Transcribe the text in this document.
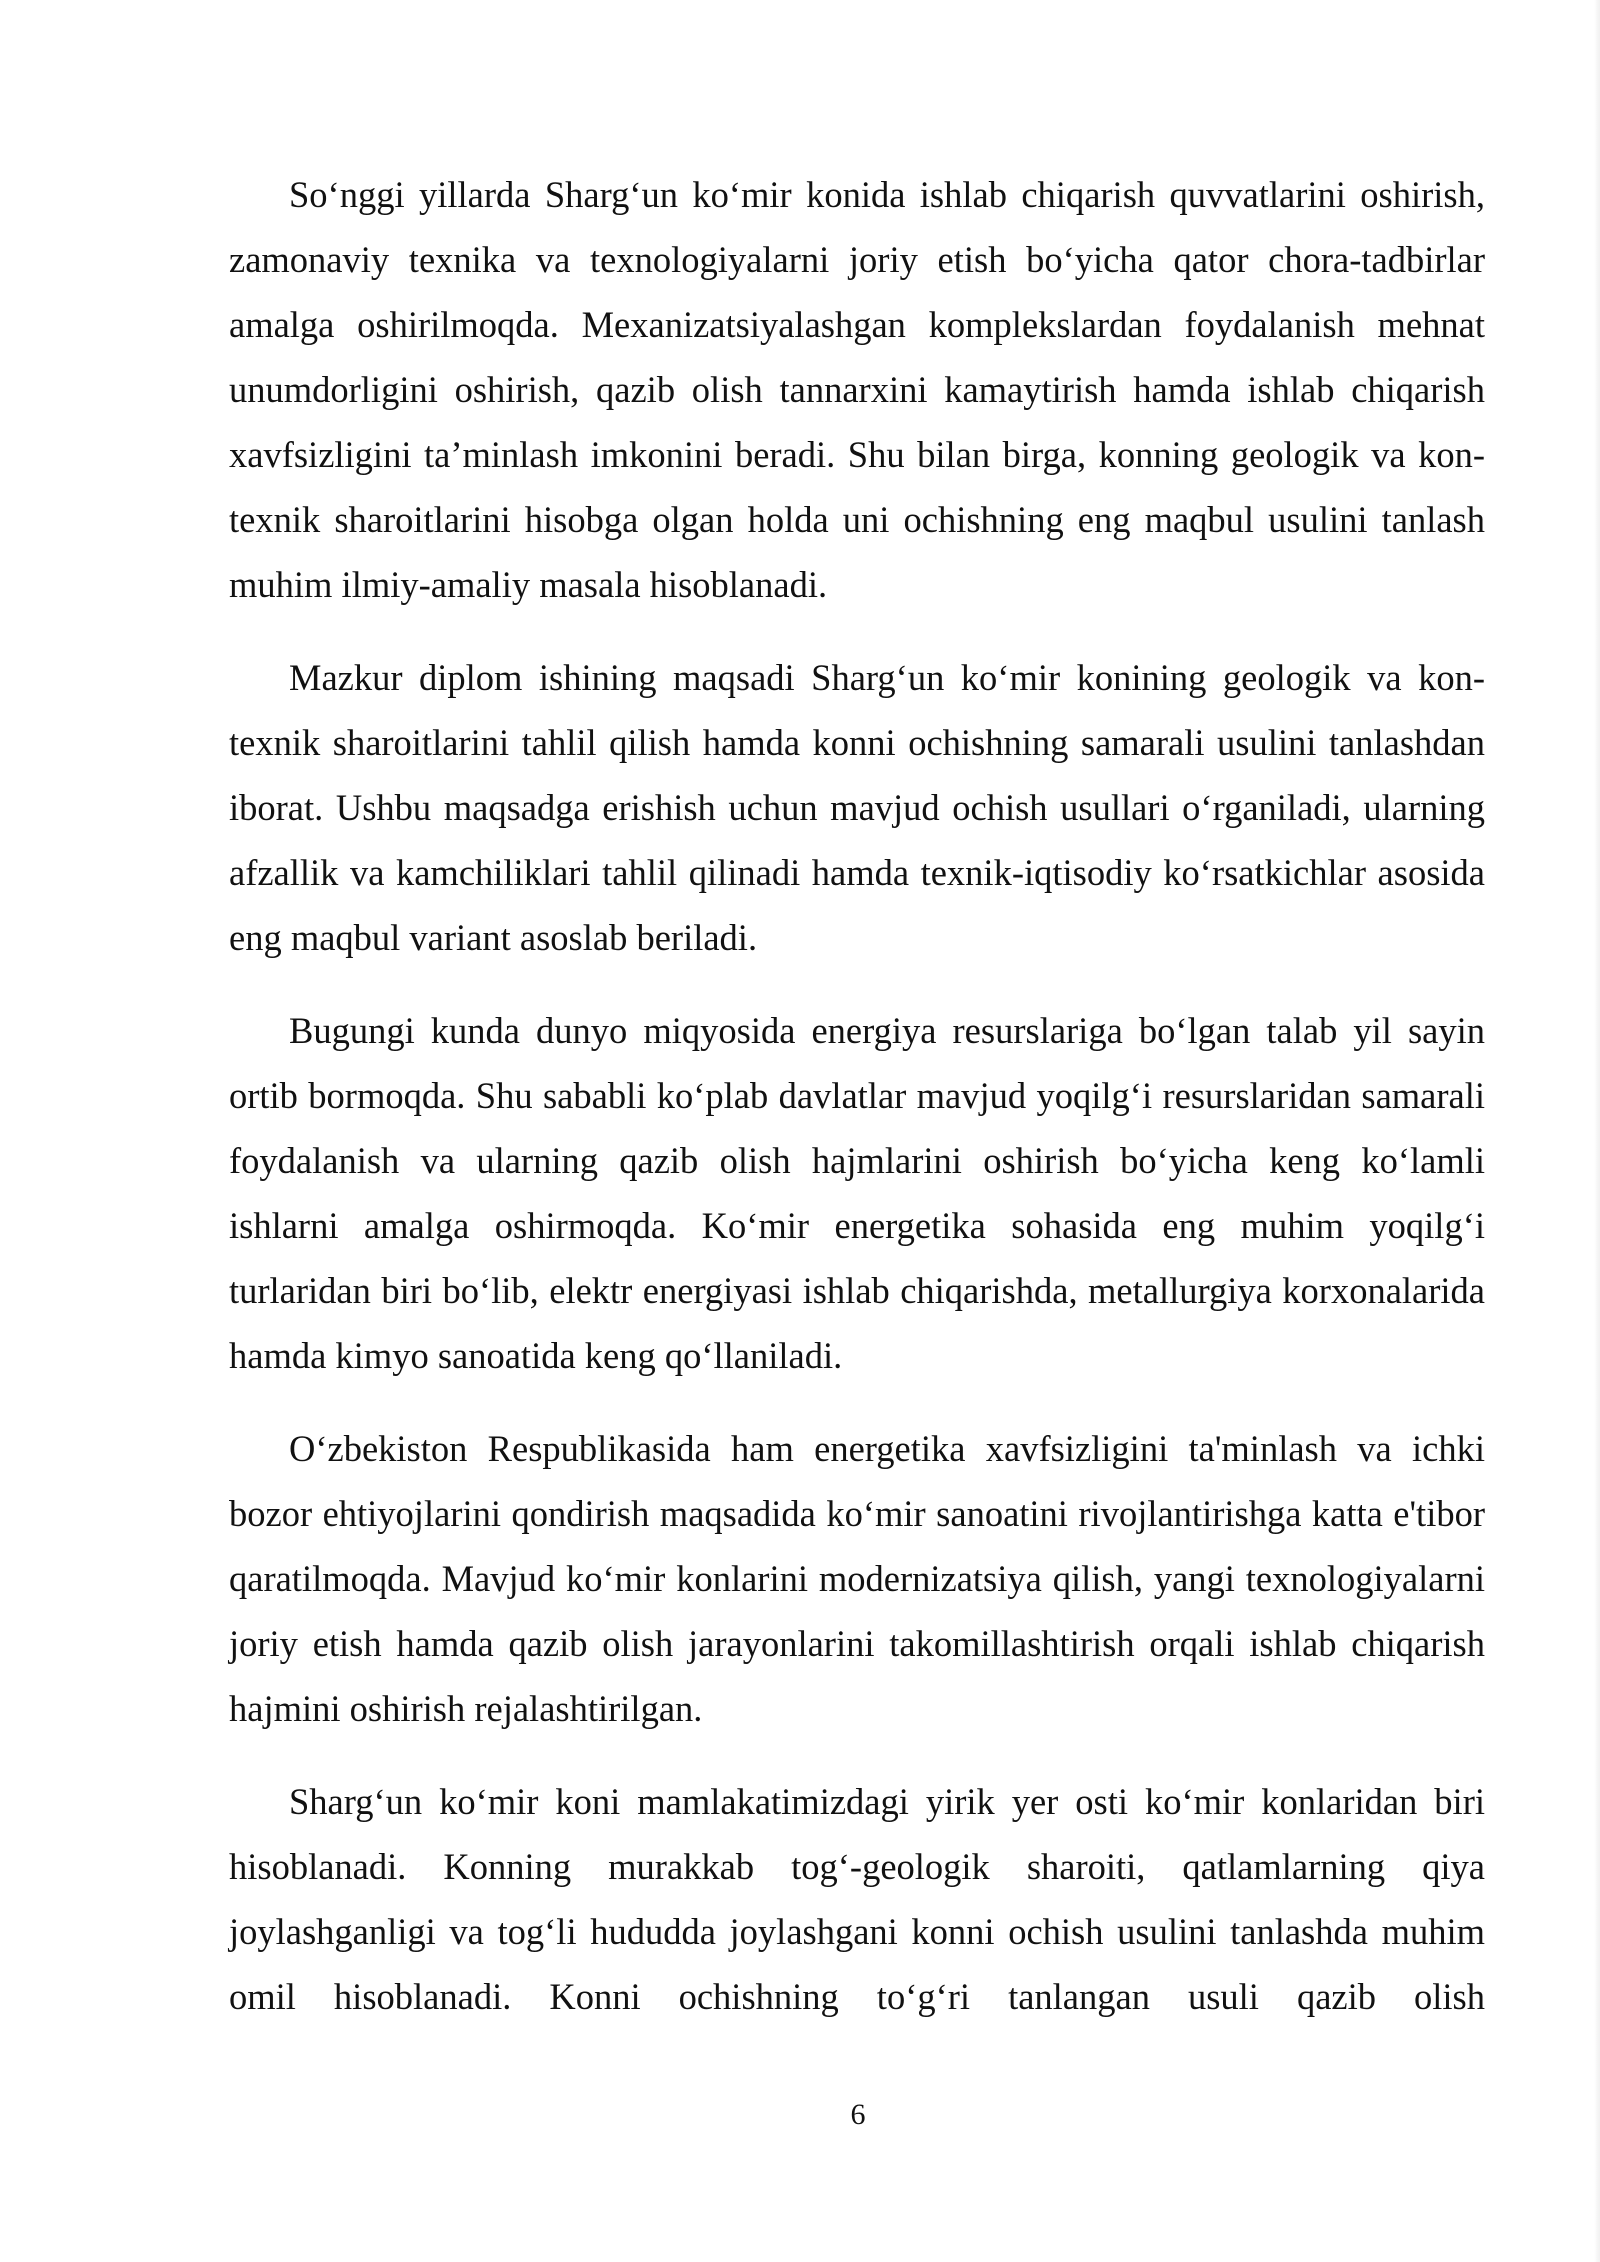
So‘nggi yillarda Sharg‘un ko‘mir konida ishlab chiqarish quvvatlarini oshirish, zamonaviy texnika va texnologiyalarni joriy etish bo‘yicha qator chora-tadbirlar amalga oshirilmoqda. Mexanizatsiyalashgan komplekslardan foydalanish mehnat unumdorligini oshirish, qazib olish tannarxini kamaytirish hamda ishlab chiqarish xavfsizligini ta’minlash imkonini beradi. Shu bilan birga, konning geologik va kon-texnik sharoitlarini hisobga olgan holda uni ochishning eng maqbul usulini tanlash muhim ilmiy-amaliy masala hisoblanadi.

Mazkur diplom ishining maqsadi Sharg‘un ko‘mir konining geologik va kon-texnik sharoitlarini tahlil qilish hamda konni ochishning samarali usulini tanlashdan iborat. Ushbu maqsadga erishish uchun mavjud ochish usullari o‘rganiladi, ularning afzallik va kamchiliklari tahlil qilinadi hamda texnik-iqtisodiy ko‘rsatkichlar asosida eng maqbul variant asoslab beriladi.

Bugungi kunda dunyo miqyosida energiya resurslariga bo‘lgan talab yil sayin ortib bormoqda. Shu sababli ko‘plab davlatlar mavjud yoqilg‘i resurslaridan samarali foydalanish va ularning qazib olish hajmlarini oshirish bo‘yicha keng ko‘lamli ishlarni amalga oshirmoqda. Ko‘mir energetika sohasida eng muhim yoqilg‘i turlaridan biri bo‘lib, elektr energiyasi ishlab chiqarishda, metallurgiya korxonalarida hamda kimyo sanoatida keng qo‘llaniladi.

O‘zbekiston Respublikasida ham energetika xavfsizligini ta'minlash va ichki bozor ehtiyojlarini qondirish maqsadida ko‘mir sanoatini rivojlantirishga katta e'tibor qaratilmoqda. Mavjud ko‘mir konlarini modernizatsiya qilish, yangi texnologiyalarni joriy etish hamda qazib olish jarayonlarini takomillashtirish orqali ishlab chiqarish hajmini oshirish rejalashtirilgan.

Sharg‘un ko‘mir koni mamlakatimizdagi yirik yer osti ko‘mir konlaridan biri hisoblanadi. Konning murakkab tog‘-geologik sharoiti, qatlamlarning qiya joylashganligi va tog‘li hududda joylashgani konni ochish usulini tanlashda muhim omil hisoblanadi. Konni ochishning to‘g‘ri tanlangan usuli qazib olish

6
